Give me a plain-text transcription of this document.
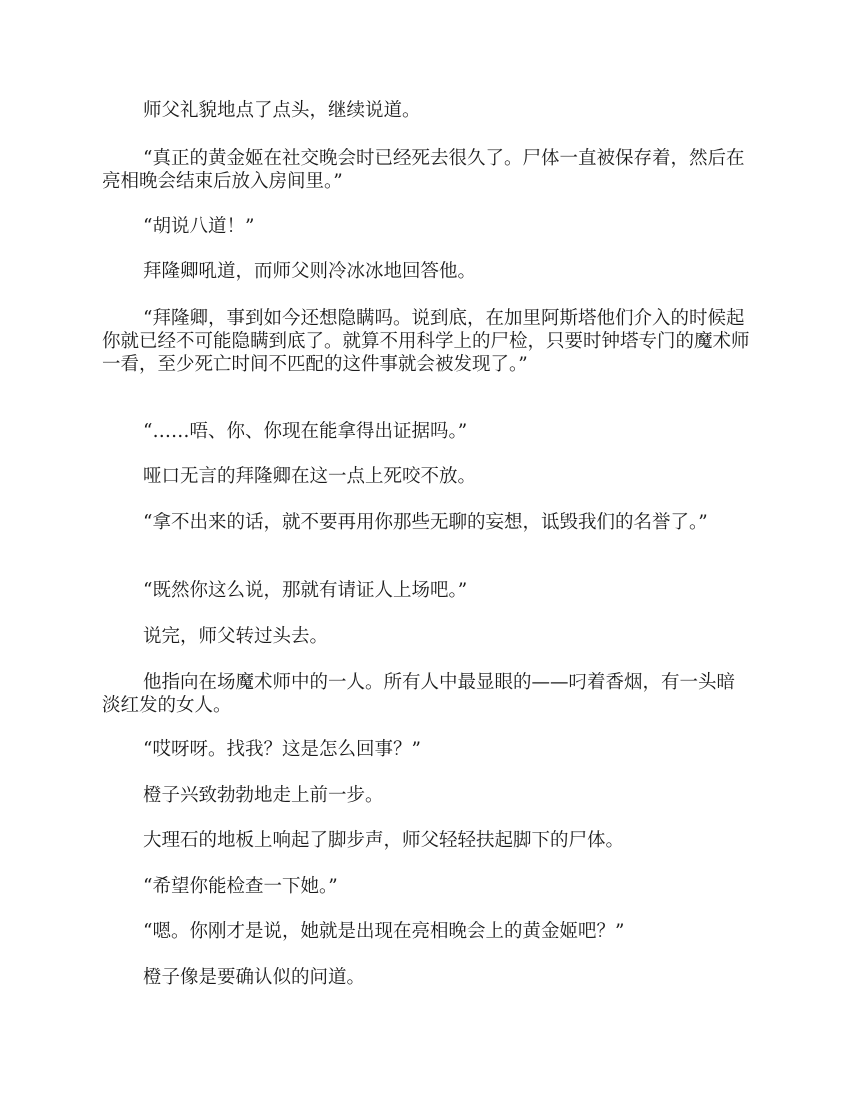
师父礼貌地点了点头，继续说道。

“真正的黄金姬在社交晚会时已经死去很久了。尸体一直被保存着，然后在亮相晚会结束后放入房间里。”

“胡说八道！”

拜隆卿吼道，而师父则冷冰冰地回答他。

“拜隆卿，事到如今还想隐瞒吗。说到底，在加里阿斯塔他们介入的时候起你就已经不可能隐瞒到底了。就算不用科学上的尸检，只要时钟塔专门的魔术师一看，至少死亡时间不匹配的这件事就会被发现了。”

“……唔、你、你现在能拿得出证据吗。”

哑口无言的拜隆卿在这一点上死咬不放。

“拿不出来的话，就不要再用你那些无聊的妄想，诋毁我们的名誉了。”

“既然你这么说，那就有请证人上场吧。”

说完，师父转过头去。

他指向在场魔术师中的一人。所有人中最显眼的——叼着香烟，有一头暗淡红发的女人。

“哎呀呀。找我？这是怎么回事？”

橙子兴致勃勃地走上前一步。

大理石的地板上响起了脚步声，师父轻轻扶起脚下的尸体。

“希望你能检查一下她。”

“嗯。你刚才是说，她就是出现在亮相晚会上的黄金姬吧？”

橙子像是要确认似的问道。
